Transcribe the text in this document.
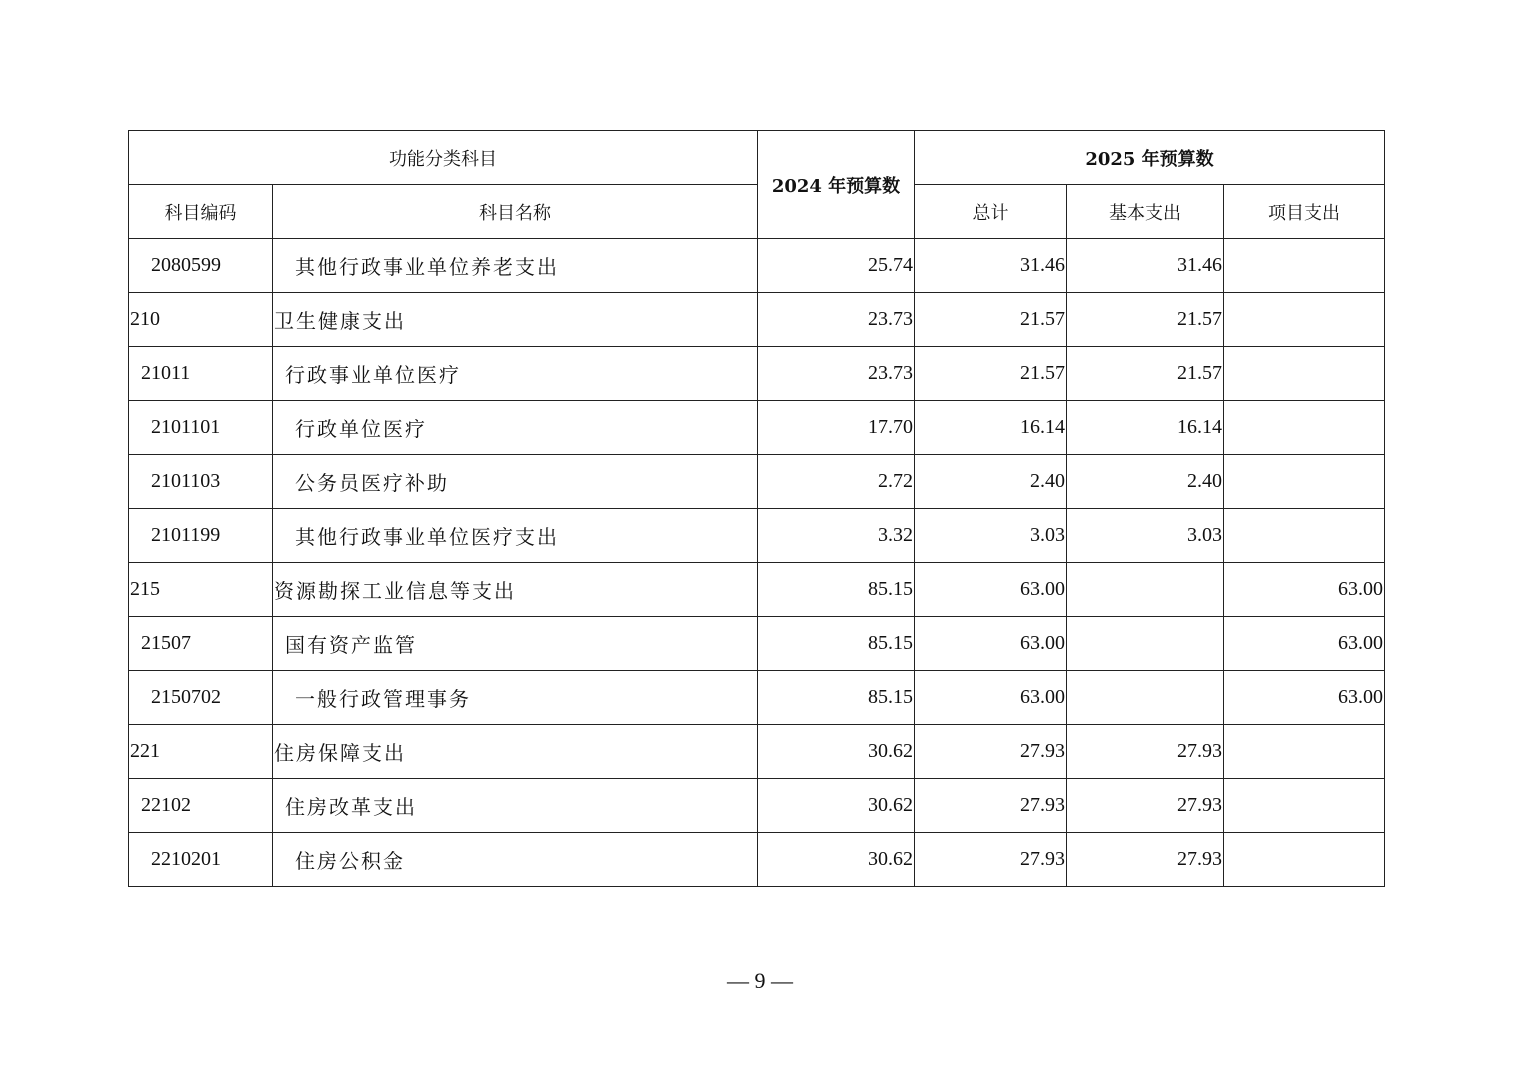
功能分类科目		2024 年预算数	2025 年预算数		
科目编码	科目名称		总计	基本支出	项目支出
2080599	其他行政事业单位养老支出	25.74	31.46	31.46	
210	卫生健康支出	23.73	21.57	21.57	
21011	行政事业单位医疗	23.73	21.57	21.57	
2101101	行政单位医疗	17.70	16.14	16.14	
2101103	公务员医疗补助	2.72	2.40	2.40	
2101199	其他行政事业单位医疗支出	3.32	3.03	3.03	
215	资源勘探工业信息等支出	85.15	63.00		63.00
21507	国有资产监管	85.15	63.00		63.00
2150702	一般行政管理事务	85.15	63.00		63.00
221	住房保障支出	30.62	27.93	27.93	
22102	住房改革支出	30.62	27.93	27.93	
2210201	住房公积金	30.62	27.93	27.93	
— 9 —
